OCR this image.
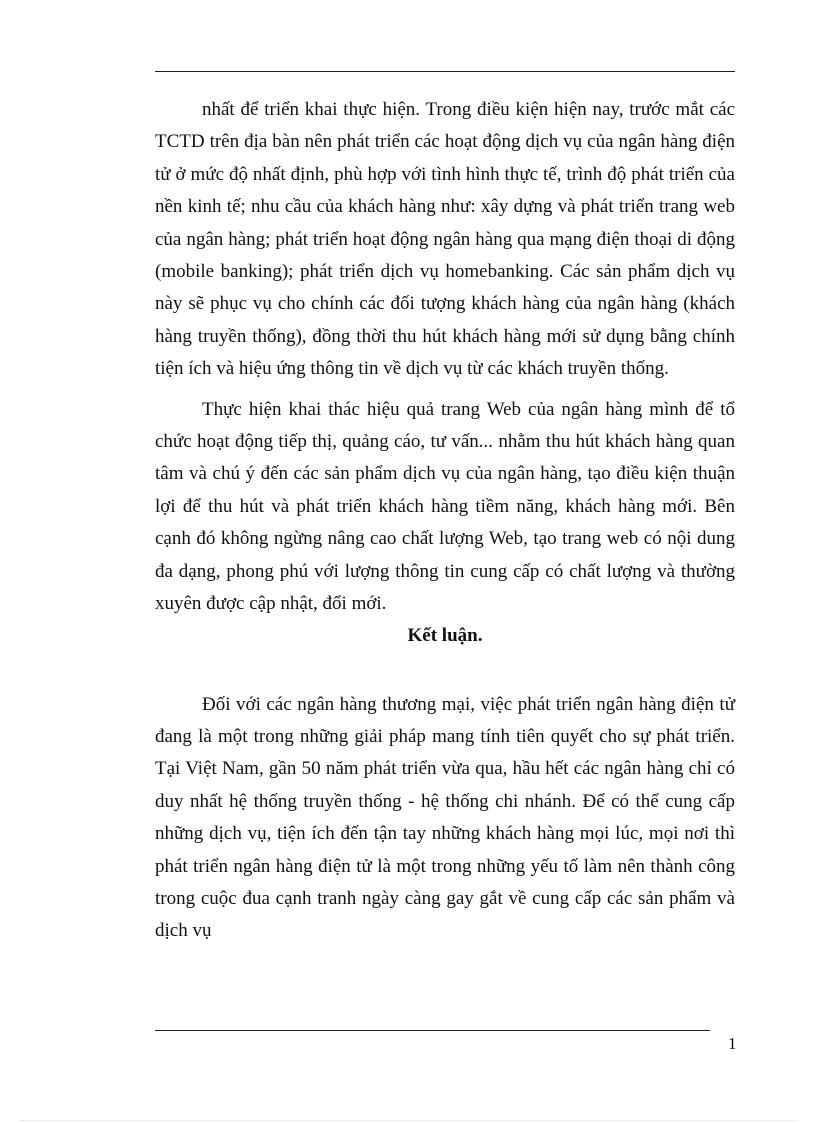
nhất để triển khai thực hiện. Trong điều kiện hiện nay, trước mắt các TCTD trên địa bàn nên phát triển các hoạt động dịch vụ của ngân hàng điện tử ở mức độ nhất định, phù hợp với tình hình thực tế, trình độ phát triển của nền kinh tế; nhu cầu của khách hàng như: xây dựng và phát triển trang web của ngân hàng; phát triển hoạt động ngân hàng qua mạng điện thoại di động (mobile banking); phát triển dịch vụ homebanking. Các sản phẩm dịch vụ này sẽ phục vụ cho chính các đối tượng khách hàng của ngân hàng (khách hàng truyền thống), đồng thời thu hút khách hàng mới sử dụng bằng chính tiện ích và hiệu ứng thông tin về dịch vụ từ các khách truyền thống.

Thực hiện khai thác hiệu quả trang Web của ngân hàng mình để tổ chức hoạt động tiếp thị, quảng cáo, tư vấn... nhằm thu hút khách hàng quan tâm và chú ý đến các sản phẩm dịch vụ của ngân hàng, tạo điều kiện thuận lợi để thu hút và phát triển khách hàng tiềm năng, khách hàng mới. Bên cạnh đó không ngừng nâng cao chất lượng Web, tạo trang web có nội dung đa dạng, phong phú với lượng thông tin cung cấp có chất lượng và thường xuyên được cập nhật, đổi mới.

Kết luận.

Đối với các ngân hàng thương mại, việc phát triển ngân hàng điện tử đang là một trong những giải pháp mang tính tiên quyết cho sự phát triển. Tại Việt Nam, gần 50 năm phát triển vừa qua, hầu hết các ngân hàng chỉ có duy nhất hệ thống truyền thống - hệ thống chi nhánh. Để có thể cung cấp những dịch vụ, tiện ích đến tận tay những khách hàng mọi lúc, mọi nơi thì phát triển ngân hàng điện tử là một trong những yếu tố làm nên thành công trong cuộc đua cạnh tranh ngày càng gay gắt về cung cấp các sản phẩm và dịch vụ

1
